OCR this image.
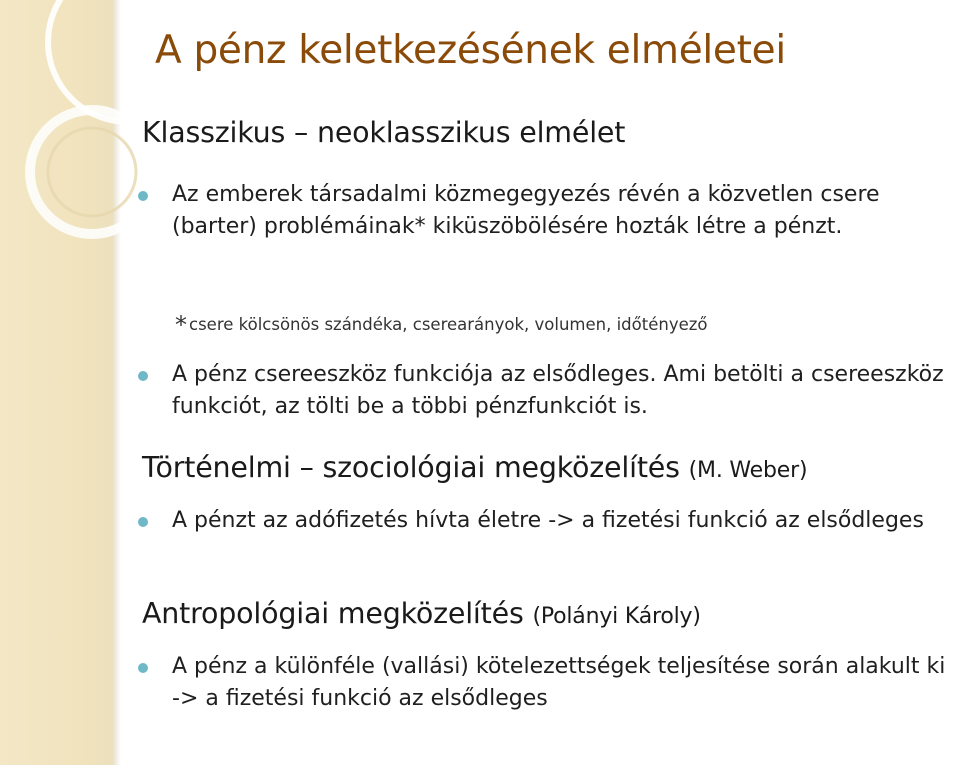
A pénz keletkezésének elméletei
Klasszikus – neoklasszikus elmélet
Az emberek társadalmi közmegegyezés révén a közvetlen csere (barter) problémáinak* kiküszöbölésére hozták létre a pénzt.
* csere kölcsönös szándéka, cserearányok, volumen, időtényező
A pénz csereeszköz funkciója az elsődleges. Ami betölti a csereeszköz funkciót, az tölti be a többi pénzfunkciót is.
Történelmi – szociológiai megközelítés (M. Weber)
A pénzt az adófizetés hívta életre -> a fizetési funkció az elsődleges
Antropológiai megközelítés (Polányi Károly)
A pénz a különféle (vallási) kötelezettségek teljesítése során alakult ki -> a fizetési funkció az elsődleges
